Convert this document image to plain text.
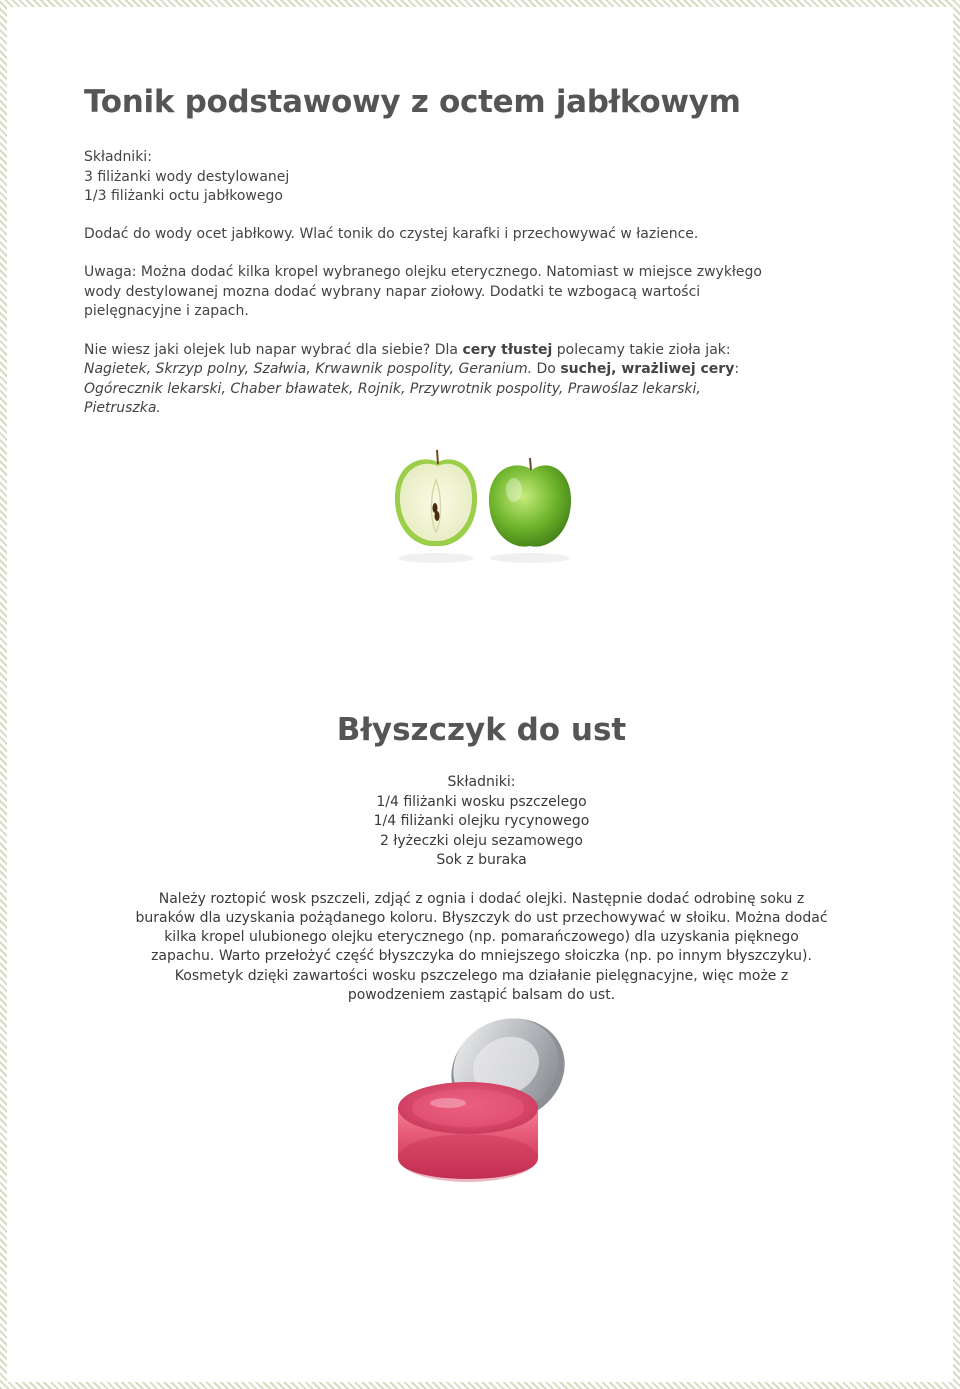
Tonik podstawowy z octem jabłkowym
Składniki:
3 filiżanki wody destylowanej
1/3 filiżanki octu jabłkowego
Dodać do wody ocet jabłkowy. Wlać tonik do czystej karafki i przechowywać w łazience.
Uwaga: Można dodać kilka kropel wybranego olejku eterycznego. Natomiast w miejsce zwykłego
wody destylowanej mozna dodać wybrany napar ziołowy. Dodatki te wzbogacą wartości
pielęgnacyjne i zapach.
Nie wiesz jaki olejek lub napar wybrać dla siebie? Dla cery tłustej polecamy takie zioła jak:
Nagietek, Skrzyp polny, Szałwia, Krwawnik pospolity, Geranium. Do suchej, wrażliwej cery:
Ogórecznik lekarski, Chaber bławatek, Rojnik, Przywrotnik pospolity, Prawoślaz lekarski,
Pietruszka.
Błyszczyk do ust
Składniki:
1/4 filiżanki wosku pszczelego
1/4 filiżanki olejku rycynowego
2 łyżeczki oleju sezamowego
Sok z buraka
Należy roztopić wosk pszczeli, zdjąć z ognia i dodać olejki. Następnie dodać odrobinę soku z
buraków dla uzyskania pożądanego koloru. Błyszczyk do ust przechowywać w słoiku. Można dodać
kilka kropel ulubionego olejku eterycznego (np. pomarańczowego) dla uzyskania pięknego
zapachu. Warto przełożyć część błyszczyka do mniejszego słoiczka (np. po innym błyszczyku).
Kosmetyk dzięki zawartości wosku pszczelego ma działanie pielęgnacyjne, więc może z
powodzeniem zastąpić balsam do ust.
